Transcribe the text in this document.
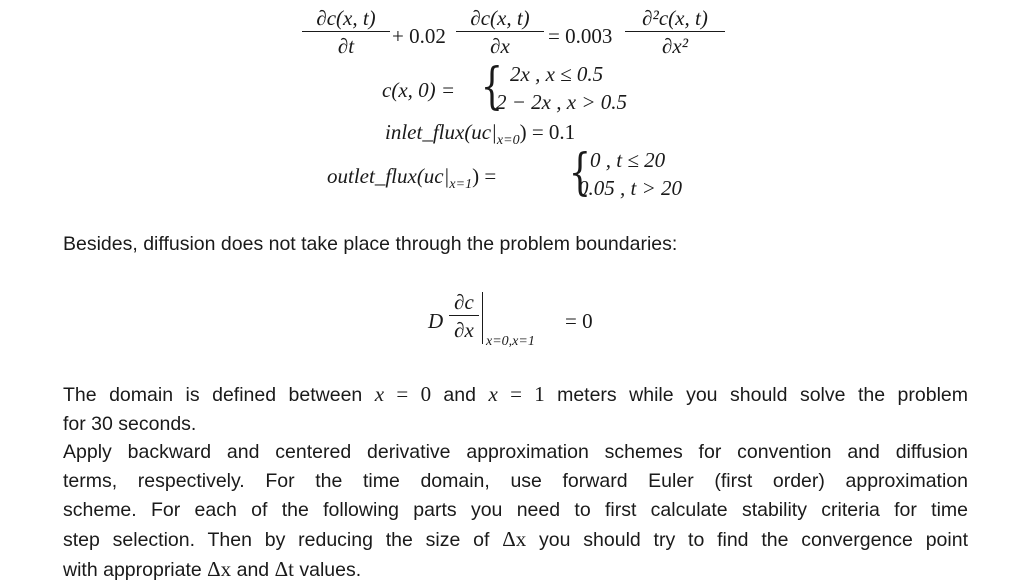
∂c(x, t)
∂t	+ 0.02
∂c(x, t)
∂x	= 0.003
∂²c(x, t)
∂x²
c(x, 0) = { 2x , x ≤ 0.5
2 − 2x , x > 0.5
$inlet\_flux(uc|_{x=0}) = 0.1$
$outlet\_flux(uc|_{x=1})$ = {
0 , t ≤ 20
0.05 , t > 20
Besides, diffusion does not take place through the problem boundaries:
D
∂c
∂x x=0,x=1
= 0
The domain is defined between x = 0 and x = 1 meters while you should solve the problem
for 30 seconds.
Apply backward and centered derivative approximation schemes for convention and diffusion
terms, respectively. For the time domain, use forward Euler (first order) approximation
scheme. For each of the following parts you need to first calculate stability criteria for time
step selection. Then by reducing the size of Δx you should try to find the convergence point
with appropriate Δx and Δt values.
